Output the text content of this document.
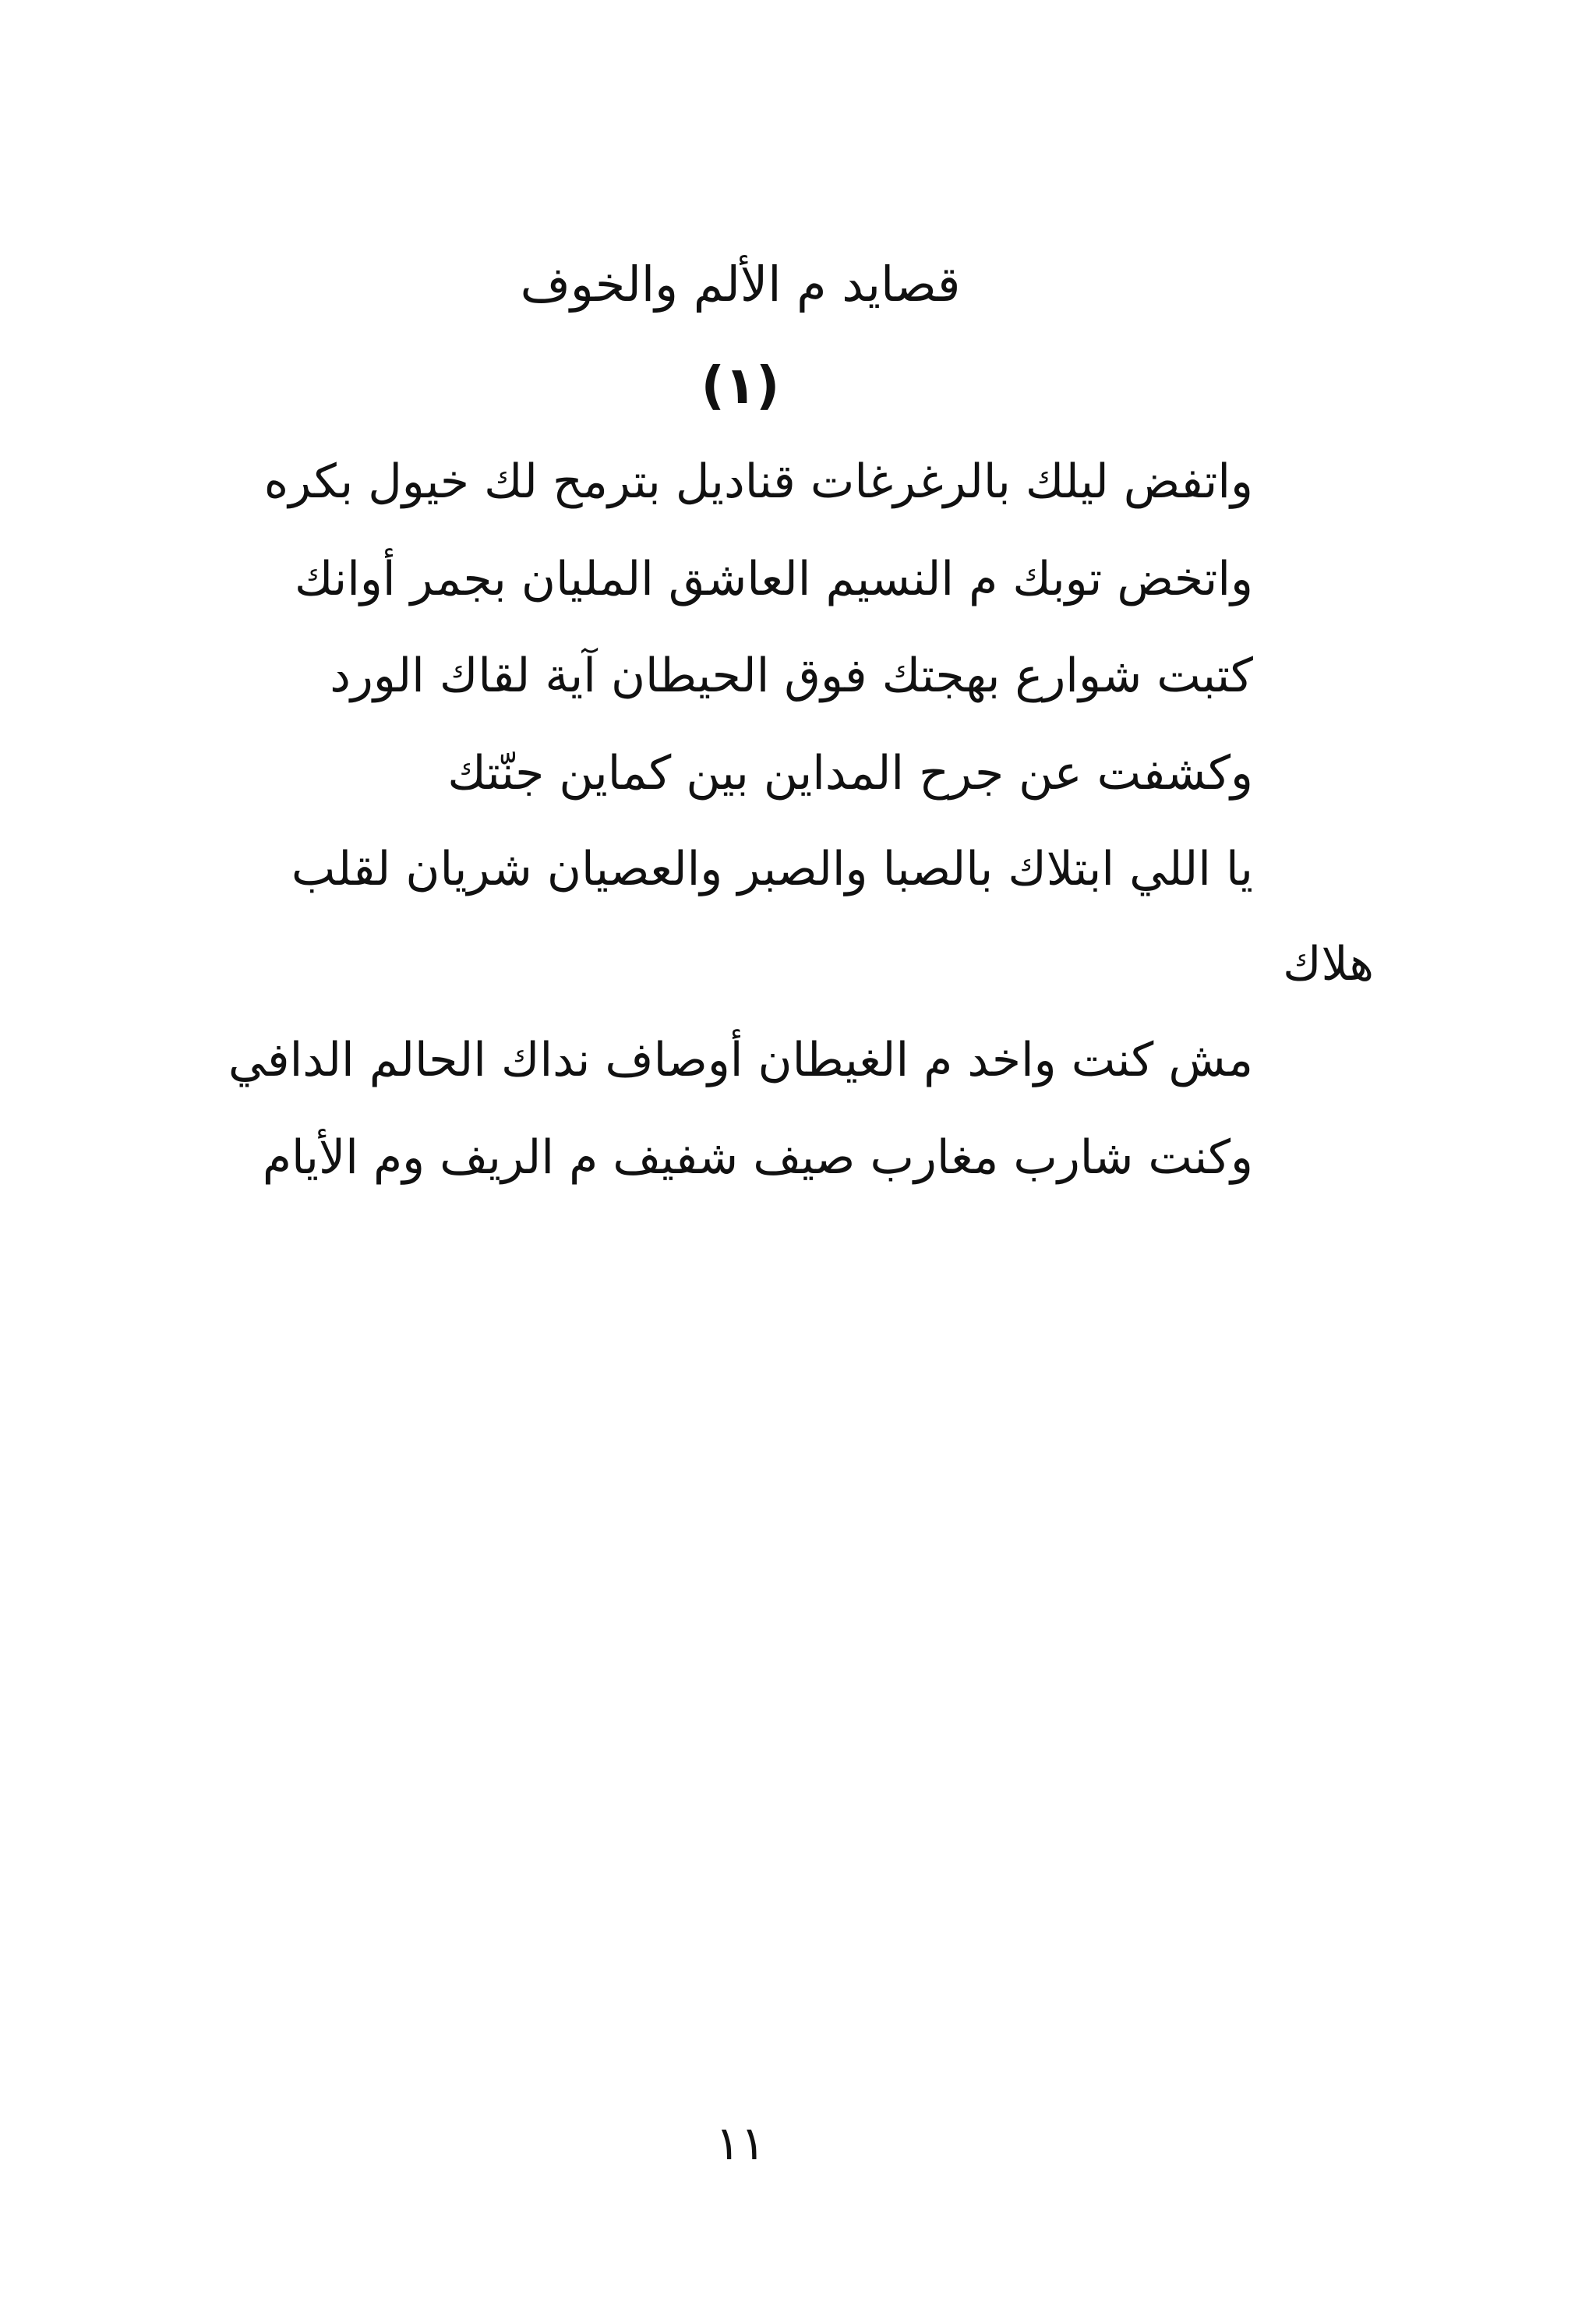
قصايد م الألم والخوف
(١)
واتفض ليلك بالرغرغات قناديل بترمح لك خيول بكره
واتخض توبك م النسيم العاشق المليان بجمر أوانك
كتبت شوارع بهجتك فوق الحيطان آية لقاك الورد
وكشفت عن جرح المداين بين كماين جنّتك
يا اللي ابتلاك بالصبا والصبر والعصيان شريان لقلب
هلاك
مش كنت واخد م الغيطان أوصاف نداك الحالم الدافي
وكنت شارب مغارب صيف شفيف م الريف وم الأيام
١١
